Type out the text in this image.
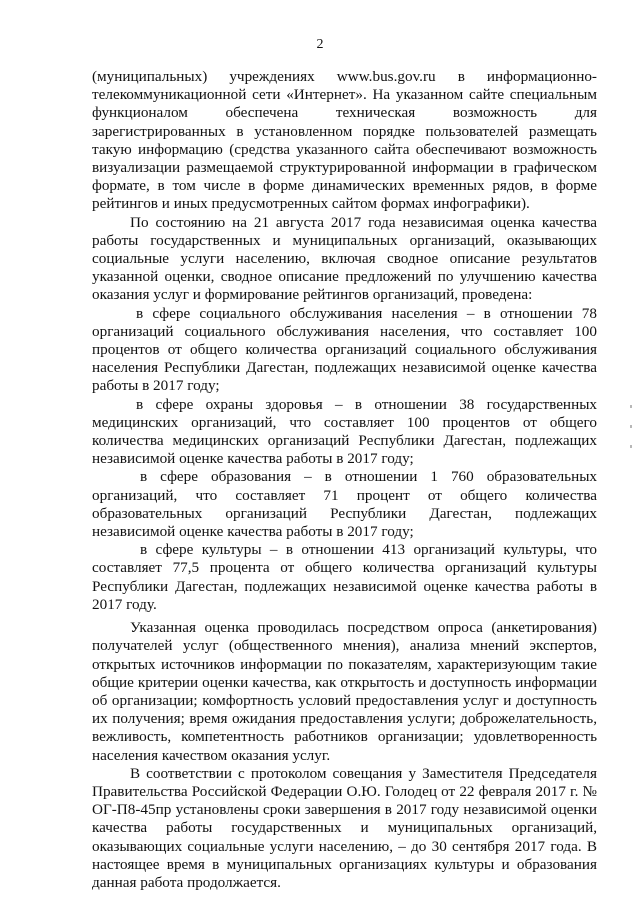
2

(муниципальных) учреждениях www.bus.gov.ru в информационно-телекоммуникационной сети «Интернет». На указанном сайте специальным функционалом обеспечена техническая возможность для зарегистрированных в установленном порядке пользователей размещать такую информацию (средства указанного сайта обеспечивают возможность визуализации размещаемой структурированной информации в графическом формате, в том числе в форме динамических временных рядов, в форме рейтингов и иных предусмотренных сайтом формах инфографики).

По состоянию на 21 августа 2017 года независимая оценка качества работы государственных и муниципальных организаций, оказывающих социальные услуги населению, включая сводное описание результатов указанной оценки, сводное описание предложений по улучшению качества оказания услуг и формирование рейтингов организаций, проведена:

в сфере социального обслуживания населения – в отношении 78 организаций социального обслуживания населения, что составляет 100 процентов от общего количества организаций социального обслуживания населения Республики Дагестан, подлежащих независимой оценке качества работы в 2017 году;

в сфере охраны здоровья – в отношении 38 государственных медицинских организаций, что составляет 100 процентов от общего количества медицинских организаций Республики Дагестан, подлежащих независимой оценке качества работы в 2017 году;

в сфере образования – в отношении 1 760 образовательных организаций, что составляет 71 процент от общего количества образовательных организаций Республики Дагестан, подлежащих независимой оценке качества работы в 2017 году;

в сфере культуры – в отношении 413 организаций культуры, что составляет 77,5 процента от общего количества организаций культуры Республики Дагестан, подлежащих независимой оценке качества работы в 2017 году.

Указанная оценка проводилась посредством опроса (анкетирования) получателей услуг (общественного мнения), анализа мнений экспертов, открытых источников информации по показателям, характеризующим такие общие критерии оценки качества, как открытость и доступность информации об организации; комфортность условий предоставления услуг и доступность их получения; время ожидания предоставления услуги; доброжелательность, вежливость, компетентность работников организации; удовлетворенность населения качеством оказания услуг.

В соответствии с протоколом совещания у Заместителя Председателя Правительства Российской Федерации О.Ю. Голодец от 22 февраля 2017 г. № ОГ-П8-45пр установлены сроки завершения в 2017 году независимой оценки качества работы государственных и муниципальных организаций, оказывающих социальные услуги населению, – до 30 сентября 2017 года. В настоящее время в муниципальных организациях культуры и образования данная работа продолжается.
